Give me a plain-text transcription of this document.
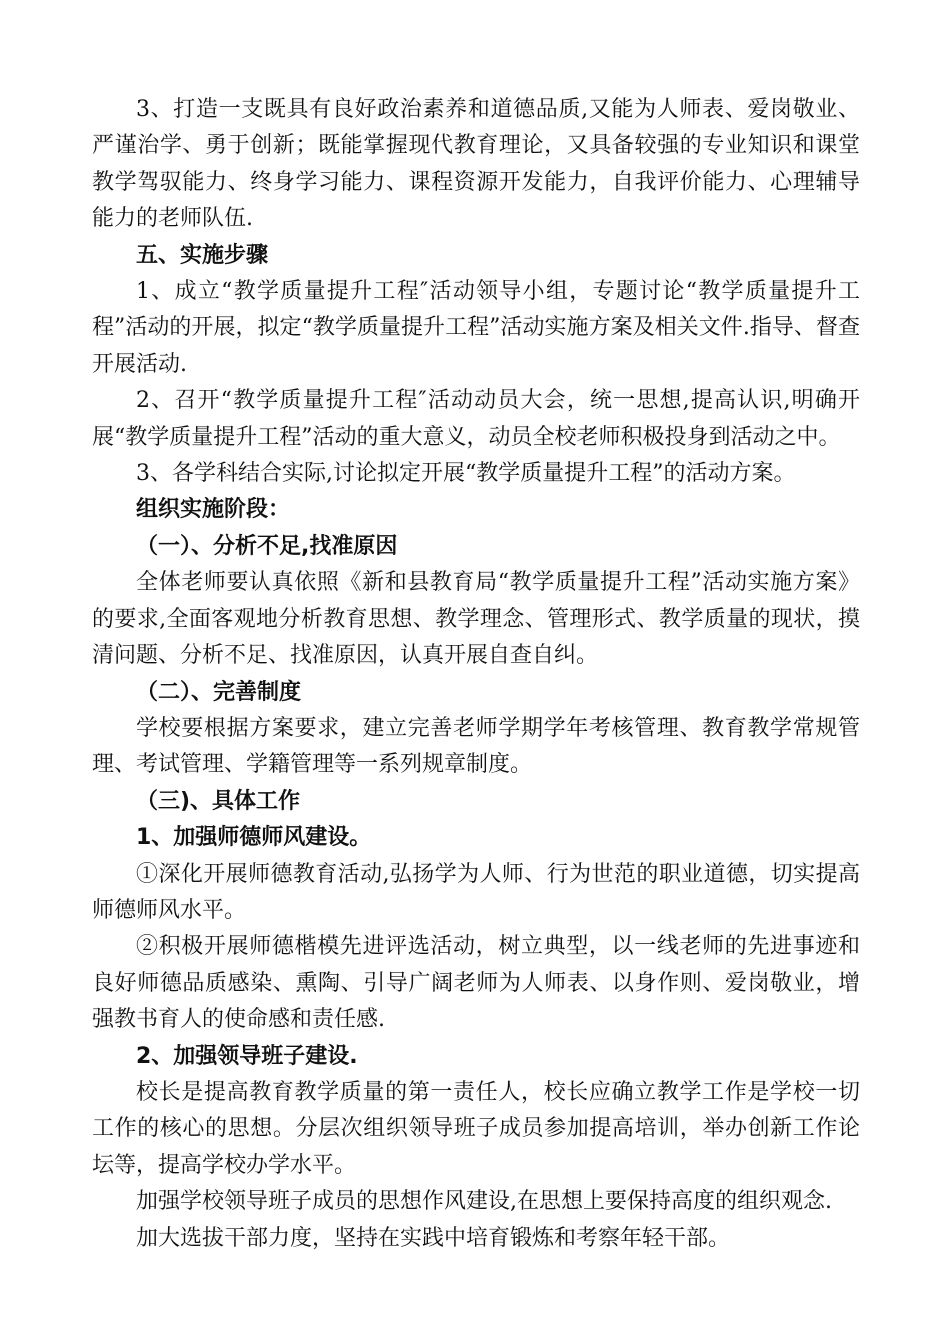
3、打造一支既具有良好政治素养和道德品质,又能为人师表、爱岗敬业、严谨治学、勇于创新；既能掌握现代教育理论，又具备较强的专业知识和课堂教学驾驭能力、终身学习能力、课程资源开发能力，自我评价能力、心理辅导能力的老师队伍.

五、实施步骤

1、成立“教学质量提升工程″活动领导小组，专题讨论“教学质量提升工程”活动的开展，拟定“教学质量提升工程”活动实施方案及相关文件.指导、督查开展活动.

2、召开“教学质量提升工程″活动动员大会，统一思想,提高认识,明确开展“教学质量提升工程”活动的重大意义，动员全校老师积极投身到活动之中。

3、各学科结合实际,讨论拟定开展“教学质量提升工程”的活动方案。

组织实施阶段：

（一）、分析不足,找准原因

全体老师要认真依照《新和县教育局“教学质量提升工程”活动实施方案》的要求,全面客观地分析教育思想、教学理念、管理形式、教学质量的现状，摸清问题、分析不足、找准原因，认真开展自查自纠。

（二）、完善制度

学校要根据方案要求，建立完善老师学期学年考核管理、教育教学常规管理、考试管理、学籍管理等一系列规章制度。

（三)、具体工作

1、加强师德师风建设。

①深化开展师德教育活动,弘扬学为人师、行为世范的职业道德，切实提高师德师风水平。

②积极开展师德楷模先进评选活动，树立典型，以一线老师的先进事迹和良好师德品质感染、熏陶、引导广阔老师为人师表、以身作则、爱岗敬业，增强教书育人的使命感和责任感.

2、加强领导班子建设.

校长是提高教育教学质量的第一责任人，校长应确立教学工作是学校一切工作的核心的思想。分层次组织领导班子成员参加提高培训，举办创新工作论坛等，提高学校办学水平。

加强学校领导班子成员的思想作风建设,在思想上要保持高度的组织观念.

加大选拔干部力度，坚持在实践中培育锻炼和考察年轻干部。
